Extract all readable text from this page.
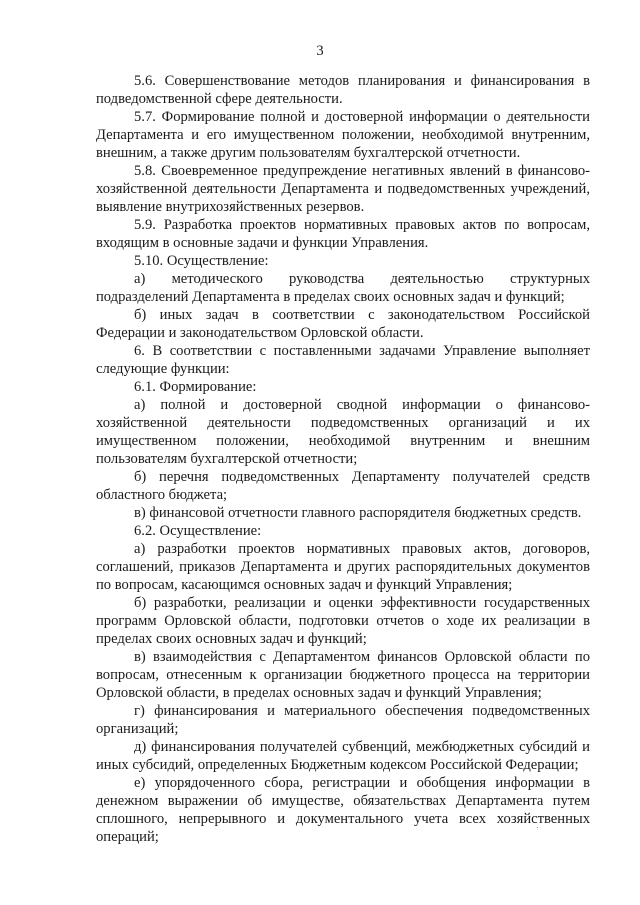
3

5.6. Совершенствование методов планирования и финансирования в подведомственной сфере деятельности.

5.7. Формирование полной и достоверной информации о деятельности Департамента и его имущественном положении, необходимой внутренним, внешним, а также другим пользователям бухгалтерской отчетности.

5.8. Своевременное предупреждение негативных явлений в финансово-хозяйственной деятельности Департамента и подведомственных учреждений, выявление внутрихозяйственных резервов.

5.9. Разработка проектов нормативных правовых актов по вопросам, входящим в основные задачи и функции Управления.

5.10. Осуществление:

а) методического руководства деятельностью структурных подразделений Департамента в пределах своих основных задач и функций;

б) иных задач в соответствии с законодательством Российской Федерации и законодательством Орловской области.

6. В соответствии с поставленными задачами Управление выполняет следующие функции:

6.1. Формирование:

а) полной и достоверной сводной информации о финансово-хозяйственной деятельности подведомственных организаций и их имущественном положении, необходимой внутренним и внешним пользователям бухгалтерской отчетности;

б) перечня подведомственных Департаменту получателей средств областного бюджета;

в) финансовой отчетности главного распорядителя бюджетных средств.

6.2. Осуществление:

а) разработки проектов нормативных правовых актов, договоров, соглашений, приказов Департамента и других распорядительных документов по вопросам, касающимся основных задач и функций Управления;

б) разработки, реализации и оценки эффективности государственных программ Орловской области, подготовки отчетов о ходе их реализации в пределах своих основных задач и функций;

в) взаимодействия с Департаментом финансов Орловской области по вопросам, отнесенным к организации бюджетного процесса на территории Орловской области, в пределах основных задач и функций Управления;

г) финансирования и материального обеспечения подведомственных организаций;

д) финансирования получателей субвенций, межбюджетных субсидий и иных субсидий, определенных Бюджетным кодексом Российской Федерации;

е) упорядоченного сбора, регистрации и обобщения информации в денежном выражении об имуществе, обязательствах Департамента путем сплошного, непрерывного и документального учета всех хозяйственных операций;
